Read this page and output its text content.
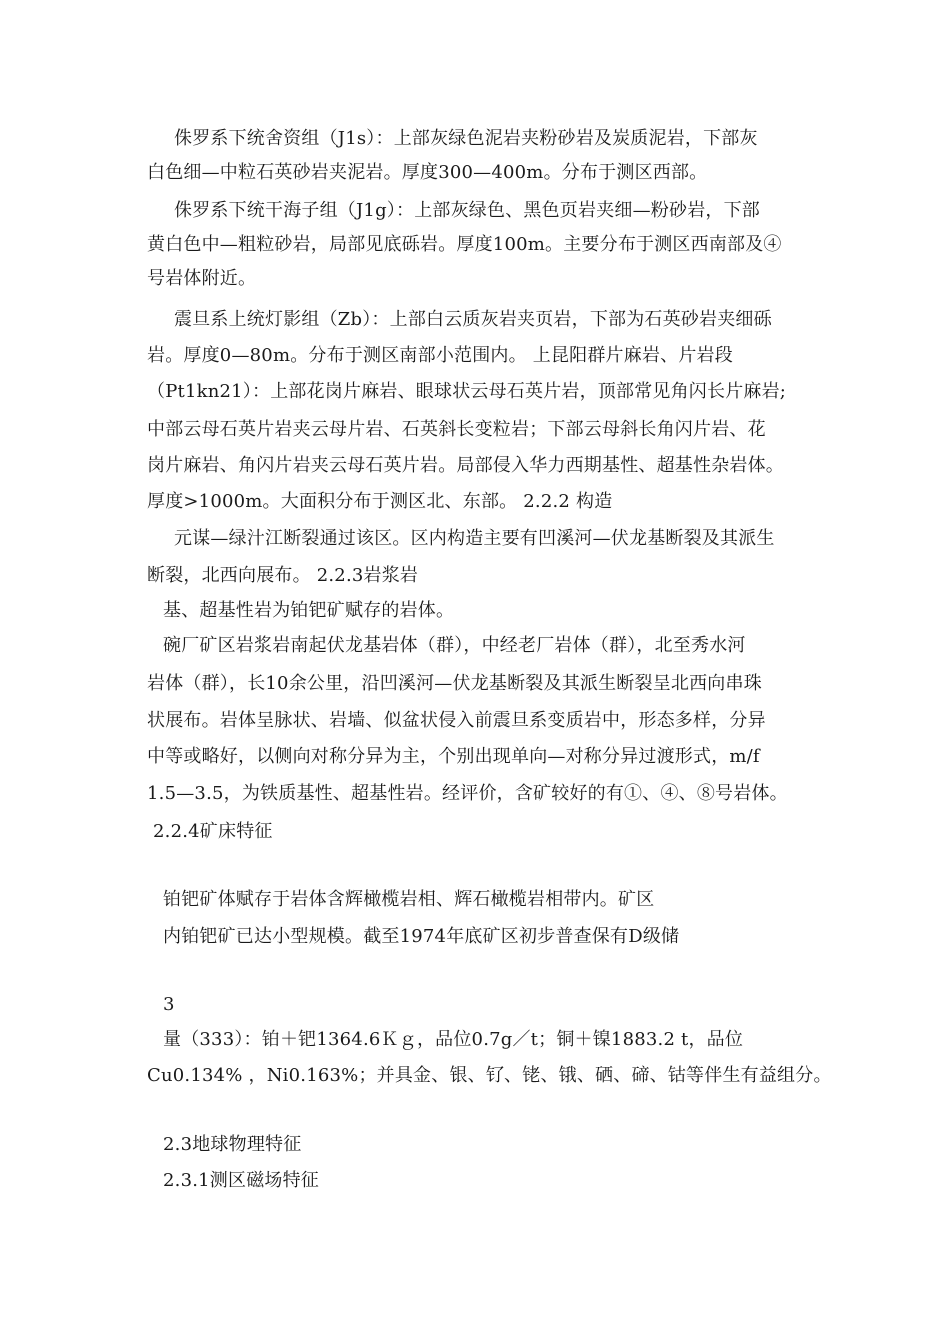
侏罗系下统舍资组（J1s）：上部灰绿色泥岩夹粉砂岩及炭质泥岩，下部灰
白色细—中粒石英砂岩夹泥岩。厚度300—400m。分布于测区西部。
侏罗系下统干海子组（J1g）：上部灰绿色、黑色页岩夹细—粉砂岩，下部
黄白色中—粗粒砂岩，局部见底砾岩。厚度100m。主要分布于测区西南部及④
号岩体附近。
震旦系上统灯影组（Zb）：上部白云质灰岩夹页岩，下部为石英砂岩夹细砾
岩。厚度0—80m。分布于测区南部小范围内。 上昆阳群片麻岩、片岩段
（Pt1kn21）：上部花岗片麻岩、眼球状云母石英片岩，顶部常见角闪长片麻岩;
中部云母石英片岩夹云母片岩、石英斜长变粒岩；下部云母斜长角闪片岩、花
岗片麻岩、角闪片岩夹云母石英片岩。局部侵入华力西期基性、超基性杂岩体。
厚度>1000m。大面积分布于测区北、东部。 2.2.2 构造
元谋—绿汁江断裂通过该区。区内构造主要有凹溪河—伏龙基断裂及其派生
断裂，北西向展布。 2.2.3岩浆岩
基、超基性岩为铂钯矿赋存的岩体。
碗厂矿区岩浆岩南起伏龙基岩体（群），中经老厂岩体（群），北至秀水河
岩体（群），长10余公里，沿凹溪河—伏龙基断裂及其派生断裂呈北西向串珠
状展布。岩体呈脉状、岩墙、似盆状侵入前震旦系变质岩中，形态多样，分异
中等或略好，以侧向对称分异为主，个别出现单向—对称分异过渡形式，m/f
1.5—3.5，为铁质基性、超基性岩。经评价，含矿较好的有①、④、⑧号岩体。
2.2.4矿床特征
铂钯矿体赋存于岩体含辉橄榄岩相、辉石橄榄岩相带内。矿区
内铂钯矿已达小型规模。截至1974年底矿区初步普查保有D级储
3
量（333）：铂＋钯1364.6Ｋｇ，品位0.7g／t；铜＋镍1883.2 t，品位
Cu0.134% ，Ni0.163%；并具金、银、钌、铑、锇、硒、碲、钴等伴生有益组分。
2.3地球物理特征
2.3.1测区磁场特征
